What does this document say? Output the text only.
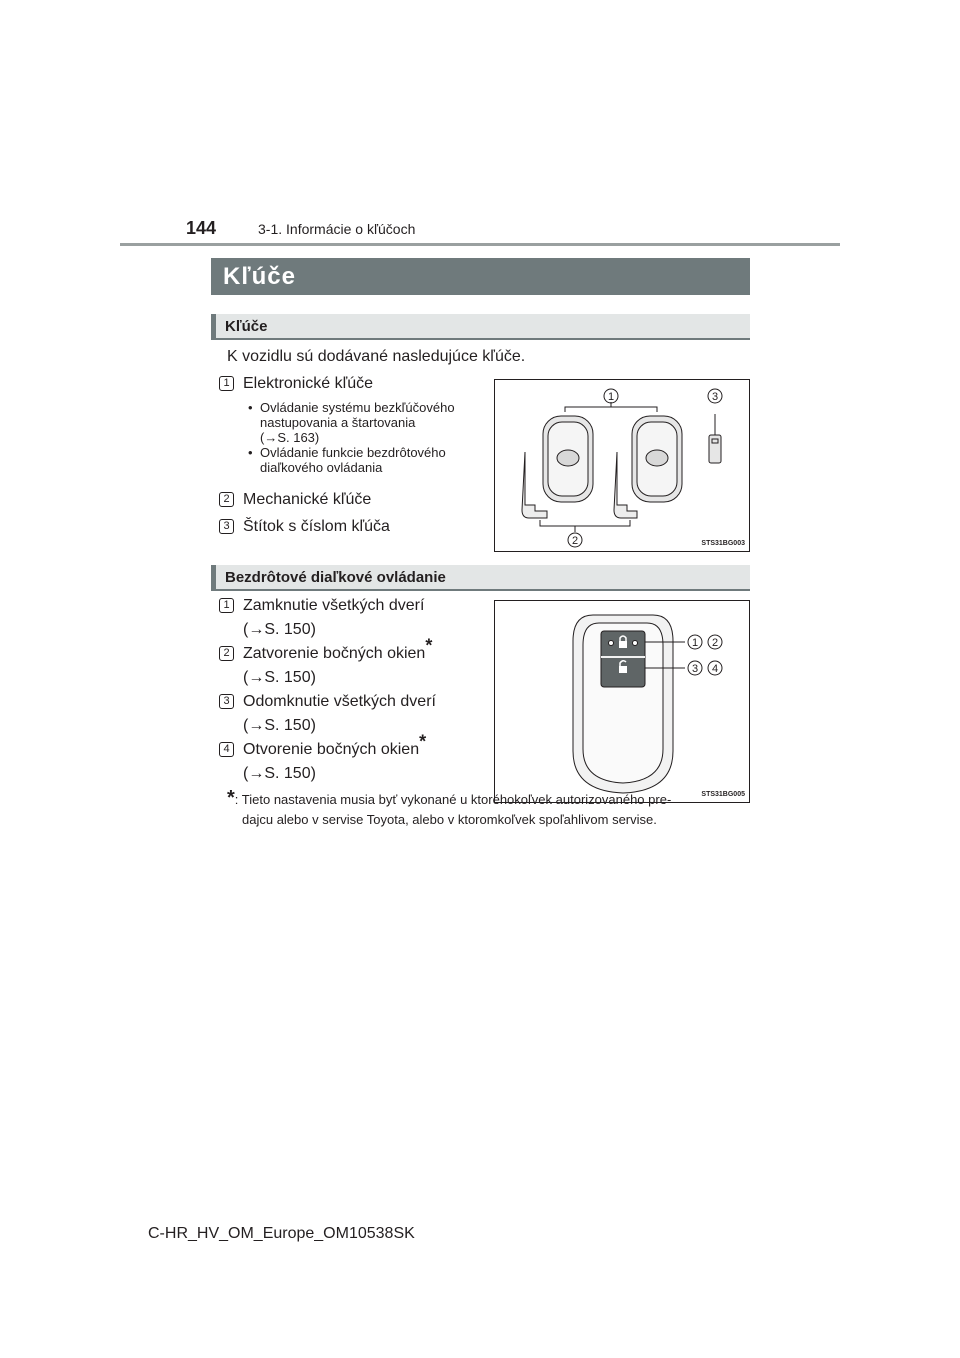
144	3-1. Informácie o kľúčoch
Kľúče
Kľúče
K vozidlu sú dodávané nasledujúce kľúče.
1 Elektronické kľúče
• Ovládanie systému bezkľúčového
nastupovania a štartovania
(→S. 163)
• Ovládanie funkcie bezdrôtového
diaľkového ovládania
2 Mechanické kľúče
3 Štítok s číslom kľúča
1	3
2	STS31BG003
Bezdrôtové diaľkové ovládanie
1 Zamknutie všetkých dverí
(→S. 150)
2 Zatvorenie bočných okien*
(→S. 150)
3 Odomknutie všetkých dverí
(→S. 150)
4 Otvorenie bočných okien*
(→S. 150)
1 2
3 4
STS31BG005
*: Tieto nastavenia musia byť vykonané u ktoréhokoľvek autorizovaného pre-
dajcu alebo v servise Toyota, alebo v ktoromkoľvek spoľahlivom servise.
C-HR_HV_OM_Europe_OM10538SK
